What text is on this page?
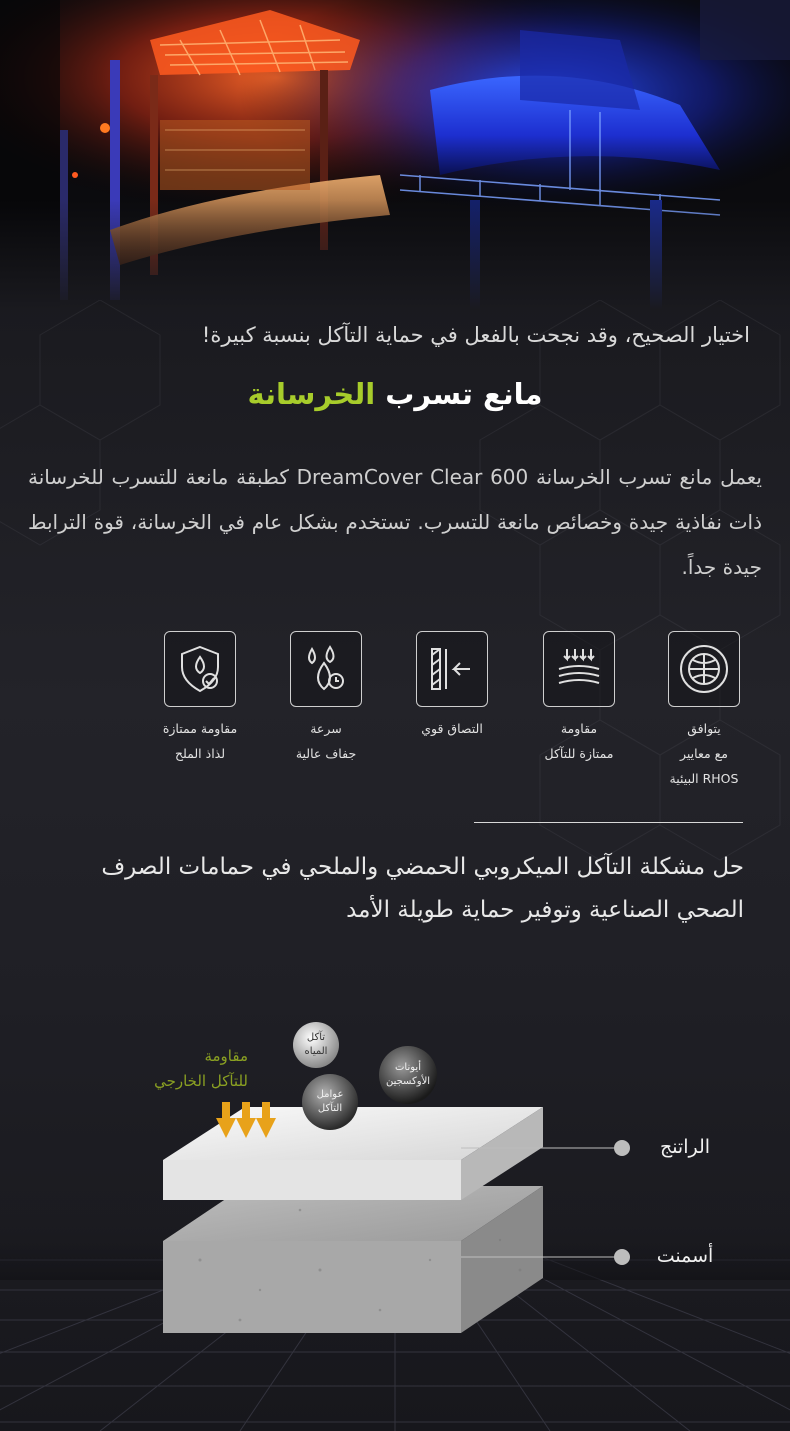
اختيار الصحيح، وقد نجحت بالفعل في حماية التآكل بنسبة كبيرة!
مانع تسرب الخرسانة
يعمل مانع تسرب الخرسانة DreamCover Clear 600 كطبقة مانعة للتسرب للخرسانة ذات نفاذية جيدة وخصائص مانعة للتسرب. تستخدم بشكل عام في الخرسانة، قوة الترابط جيدة جداً.
يتوافق
مع معايير
RHOS البيئية
مقاومة
ممتازة للتآكل
التصاق قوي
سرعة
جفاف عالية
مقاومة ممتازة
لذاذ الملح
حل مشكلة التآكل الميكروبي الحمضي والملحي في حمامات الصرف الصحي الصناعية وتوفير حماية طويلة الأمد
مقاومة
للتآكل الخارجي
تآكل
المياه
عوامل
التآكل
أيونات
الأوكسجين
الراتنج
أسمنت
